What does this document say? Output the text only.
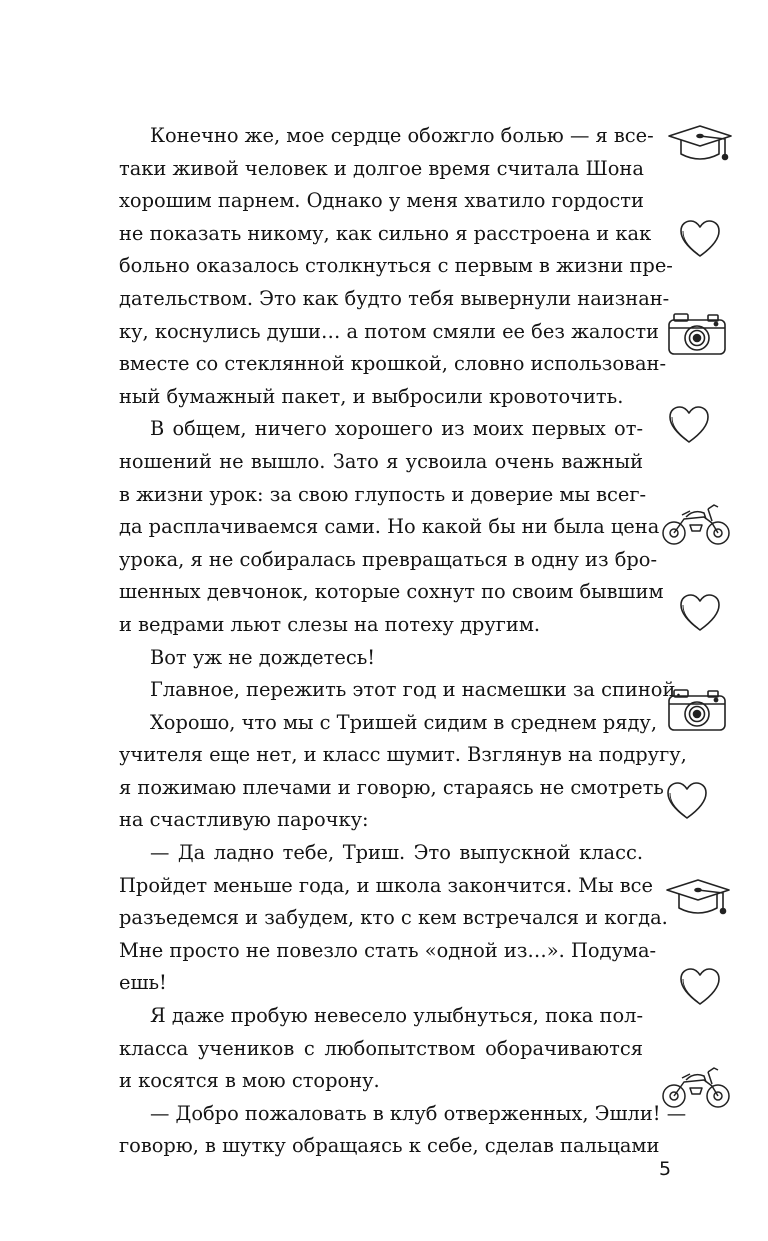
Конечно же, мое сердце обожгло болью — я все-
таки живой человек и долгое время считала Шона
хорошим парнем. Однако у меня хватило гордости
не показать никому, как сильно я расстроена и как
больно оказалось столкнуться с первым в жизни пре-
дательством. Это как будто тебя вывернули наизнан-
ку, коснулись души… а потом смяли ее без жалости
вместе со стеклянной крошкой, словно использован-
ный бумажный пакет, и выбросили кровоточить.

В общем, ничего хорошего из моих первых от-
ношений не вышло. Зато я усвоила очень важный
в жизни урок: за свою глупость и доверие мы всег-
да расплачиваемся сами. Но какой бы ни была цена
урока, я не собиралась превращаться в одну из бро-
шенных девчонок, которые сохнут по своим бывшим
и ведрами льют слезы на потеху другим.

Вот уж не дождетесь!

Главное, пережить этот год и насмешки за спиной.

Хорошо, что мы с Тришей сидим в среднем ряду,
учителя еще нет, и класс шумит. Взглянув на подругу,
я пожимаю плечами и говорю, стараясь не смотреть
на счастливую парочку:

— Да ладно тебе, Триш. Это выпускной класс.
Пройдет меньше года, и школа закончится. Мы все
разъедемся и забудем, кто с кем встречался и когда.
Мне просто не повезло стать «одной из…». Подума-
ешь!

Я даже пробую невесело улыбнуться, пока пол-
класса учеников с любопытством оборачиваются
и косятся в мою сторону.

— Добро пожаловать в клуб отверженных, Эшли! —
говорю, в шутку обращаясь к себе, сделав пальцами

5
